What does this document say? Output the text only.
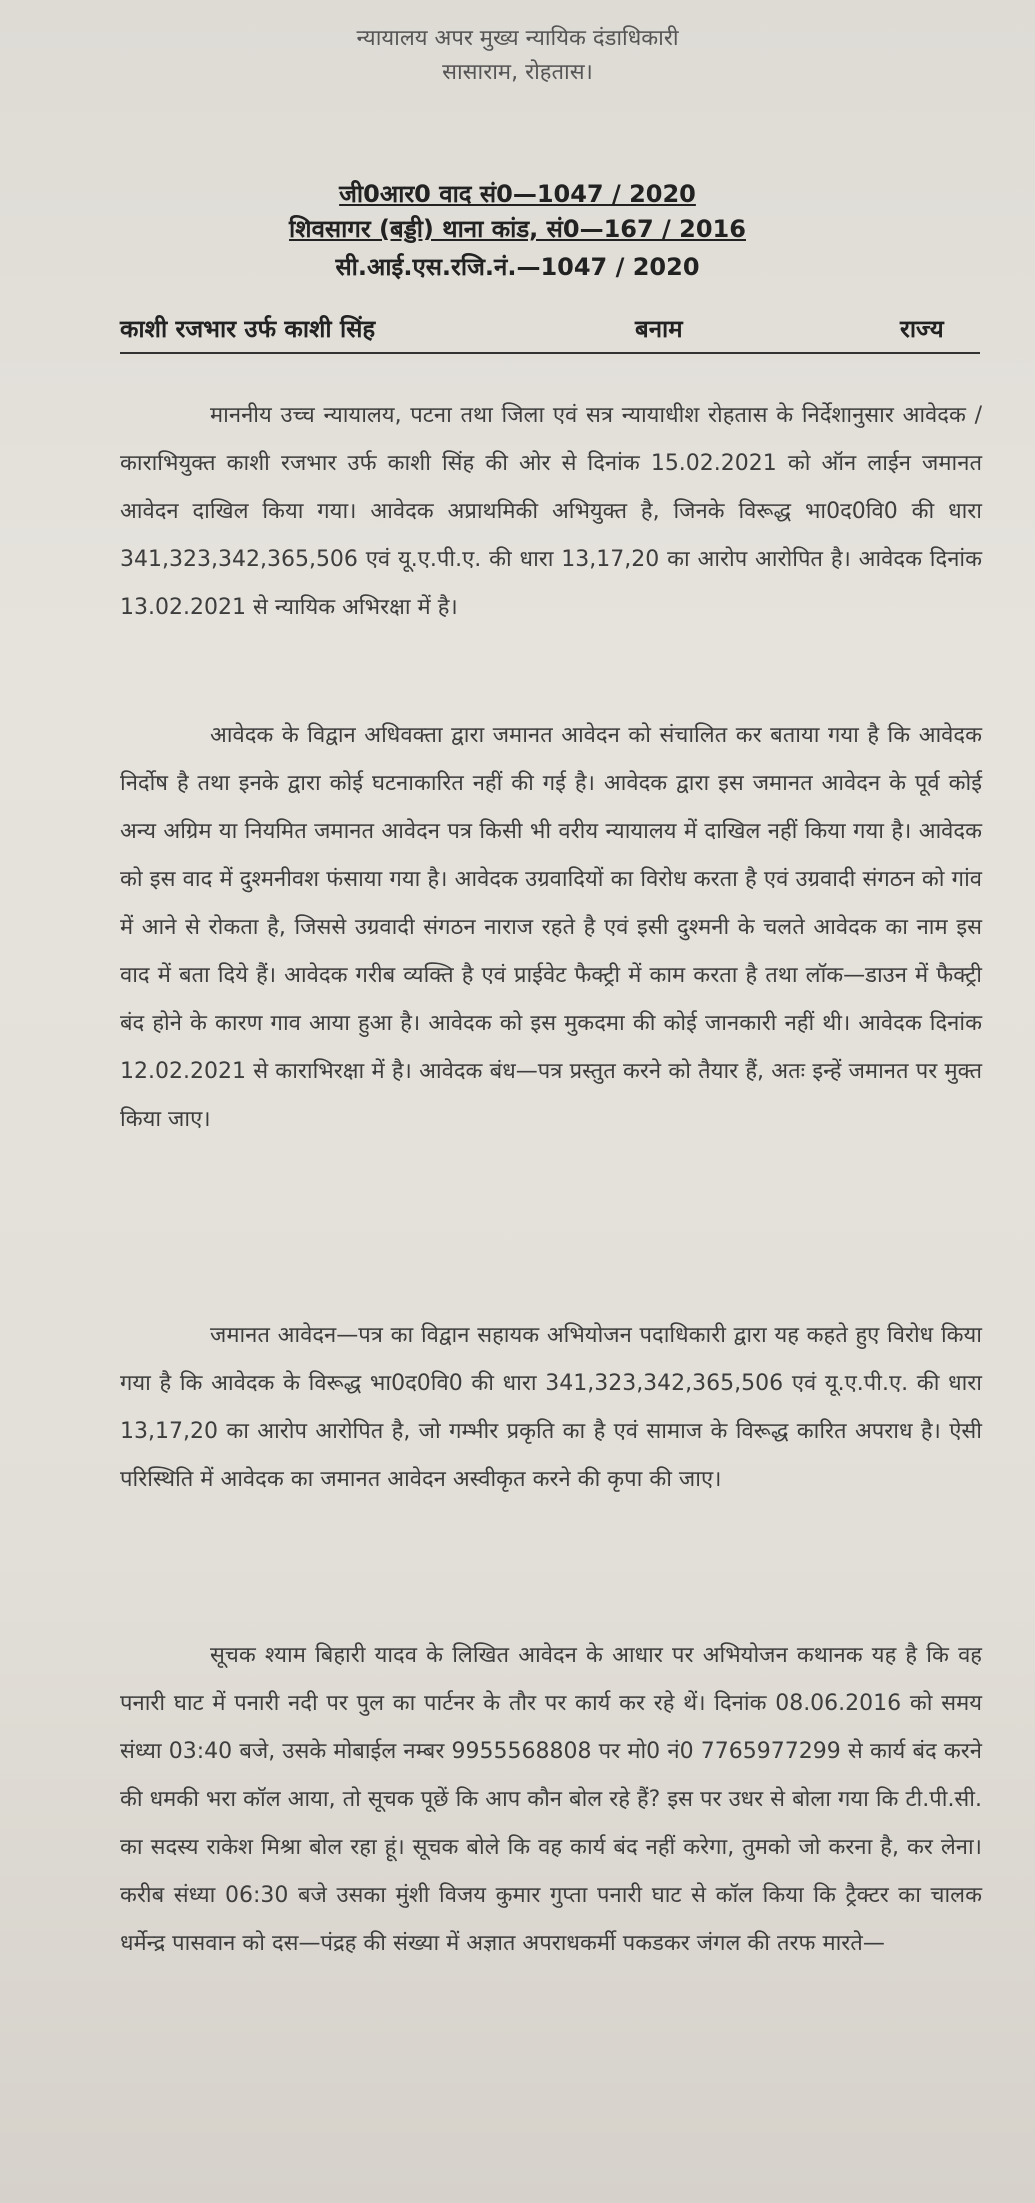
न्यायालय अपर मुख्य न्यायिक दंडाधिकारी
सासाराम, रोहतास।
जी0आर0 वाद सं0—1047 / 2020
शिवसागर (बड्डी) थाना कांड, सं0—167 / 2016
सी.आई.एस.रजि.नं.—1047 / 2020
काशी रजभार उर्फ काशी सिंह	बनाम	राज्य

माननीय उच्च न्यायालय, पटना तथा जिला एवं सत्र न्यायाधीश रोहतास के निर्देशानुसार आवेदक / काराभियुक्त काशी रजभार उर्फ काशी सिंह की ओर से दिनांक 15.02.2021 को ऑन लाईन जमानत आवेदन दाखिल किया गया। आवेदक अप्राथमिकी अभियुक्त है, जिनके विरूद्ध भा0द0वि0 की धारा 341,323,342,365,506 एवं यू.ए.पी.ए. की धारा 13,17,20 का आरोप आरोपित है। आवेदक दिनांक 13.02.2021 से न्यायिक अभिरक्षा में है।

आवेदक के विद्वान अधिवक्ता द्वारा जमानत आवेदन को संचालित कर बताया गया है कि आवेदक निर्दोष है तथा इनके द्वारा कोई घटनाकारित नहीं की गई है। आवेदक द्वारा इस जमानत आवेदन के पूर्व कोई अन्य अग्रिम या नियमित जमानत आवेदन पत्र किसी भी वरीय न्यायालय में दाखिल नहीं किया गया है। आवेदक को इस वाद में दुश्मनीवश फंसाया गया है। आवेदक उग्रवादियों का विरोध करता है एवं उग्रवादी संगठन को गांव में आने से रोकता है, जिससे उग्रवादी संगठन नाराज रहते है एवं इसी दुश्मनी के चलते आवेदक का नाम इस वाद में बता दिये हैं। आवेदक गरीब व्यक्ति है एवं प्राईवेट फैक्ट्री में काम करता है तथा लॉक—डाउन में फैक्ट्री बंद होने के कारण गाव आया हुआ है। आवेदक को इस मुकदमा की कोई जानकारी नहीं थी। आवेदक दिनांक 12.02.2021 से काराभिरक्षा में है। आवेदक बंध—पत्र प्रस्तुत करने को तैयार हैं, अतः इन्हें जमानत पर मुक्त किया जाए।

जमानत आवेदन—पत्र का विद्वान सहायक अभियोजन पदाधिकारी द्वारा यह कहते हुए विरोध किया गया है कि आवेदक के विरूद्ध भा0द0वि0 की धारा 341,323,342,365,506 एवं यू.ए.पी.ए. की धारा 13,17,20 का आरोप आरोपित है, जो गम्भीर प्रकृति का है एवं सामाज के विरूद्ध कारित अपराध है। ऐसी परिस्थिति में आवेदक का जमानत आवेदन अस्वीकृत करने की कृपा की जाए।

सूचक श्याम बिहारी यादव के लिखित आवेदन के आधार पर अभियोजन कथानक यह है कि वह पनारी घाट में पनारी नदी पर पुल का पार्टनर के तौर पर कार्य कर रहे थें। दिनांक 08.06.2016 को समय संध्या 03:40 बजे, उसके मोबाईल नम्बर 9955568808 पर मो0 नं0 7765977299 से कार्य बंद करने की धमकी भरा कॉल आया, तो सूचक पूछें कि आप कौन बोल रहे हैं? इस पर उधर से बोला गया कि टी.पी.सी. का सदस्य राकेश मिश्रा बोल रहा हूं। सूचक बोले कि वह कार्य बंद नहीं करेगा, तुमको जो करना है, कर लेना। करीब संध्या 06:30 बजे उसका मुंशी विजय कुमार गुप्ता पनारी घाट से कॉल किया कि ट्रैक्टर का चालक धर्मेन्द्र पासवान को दस—पंद्रह की संख्या में अज्ञात अपराधकर्मी पकडकर जंगल की तरफ मारते—
